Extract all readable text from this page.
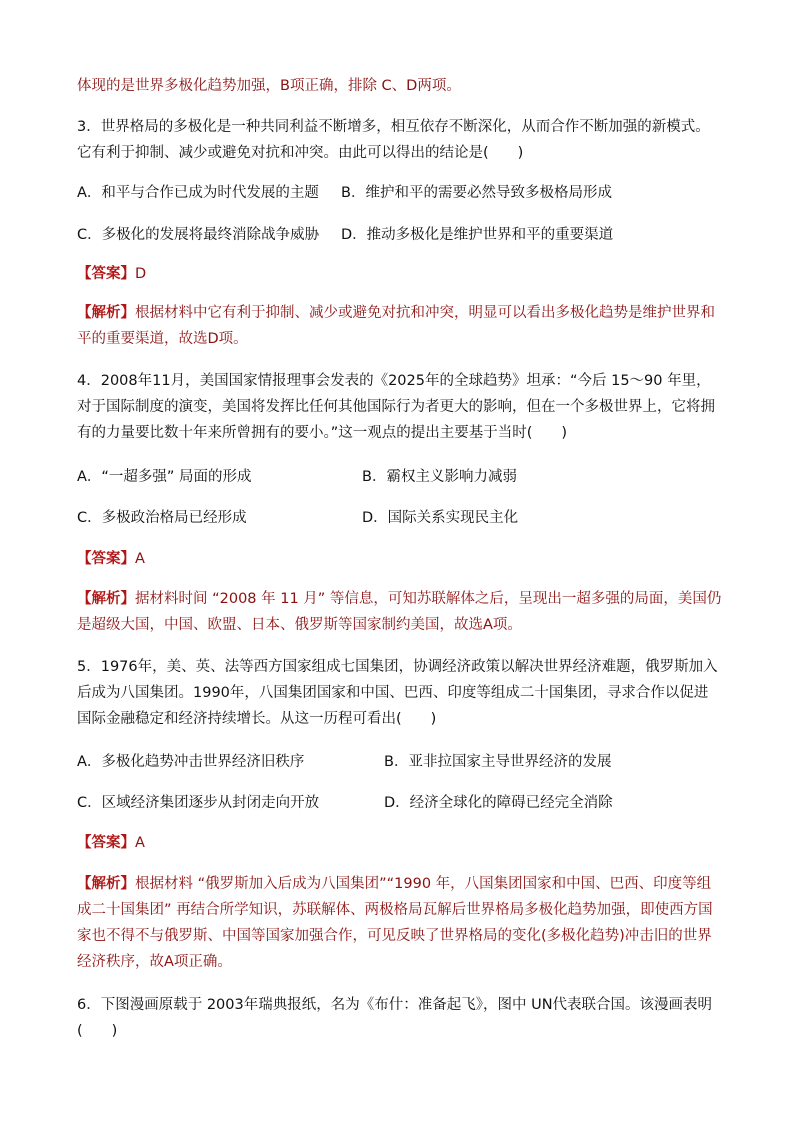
体现的是世界多极化趋势加强，B项正确，排除 C、D两项。
3．世界格局的多极化是一种共同利益不断增多，相互依存不断深化，从而合作不断加强的新模式。它有利于抑制、减少或避免对抗和冲突。由此可以得出的结论是(　　)
A．和平与合作已成为时代发展的主题 B．维护和平的需要必然导致多极格局形成
C．多极化的发展将最终消除战争威胁 D．推动多极化是维护世界和平的重要渠道
【答案】D
【解析】根据材料中它有利于抑制、减少或避免对抗和冲突，明显可以看出多极化趋势是维护世界和平的重要渠道，故选D项。
4．2008年11月，美国国家情报理事会发表的《2025年的全球趋势》坦承：“今后 15～90 年里，对于国际制度的演变，美国将发挥比任何其他国际行为者更大的影响，但在一个多极世界上，它将拥有的力量要比数十年来所曾拥有的要小。”这一观点的提出主要基于当时(　　)
A．“一超多强” 局面的形成	B．霸权主义影响力减弱
C．多极政治格局已经形成	D．国际关系实现民主化
【答案】A
【解析】据材料时间 “2008 年 11 月” 等信息，可知苏联解体之后，呈现出一超多强的局面，美国仍是超级大国，中国、欧盟、日本、俄罗斯等国家制约美国，故选A项。
5．1976年，美、英、法等西方国家组成七国集团，协调经济政策以解决世界经济难题，俄罗斯加入后成为八国集团。1990年，八国集团国家和中国、巴西、印度等组成二十国集团，寻求合作以促进国际金融稳定和经济持续增长。从这一历程可看出(　　)
A．多极化趋势冲击世界经济旧秩序	B．亚非拉国家主导世界经济的发展
C．区域经济集团逐步从封闭走向开放	D．经济全球化的障碍已经完全消除
【答案】A
【解析】根据材料 “俄罗斯加入后成为八国集团”“1990 年，八国集团国家和中国、巴西、印度等组成二十国集团” 再结合所学知识，苏联解体、两极格局瓦解后世界格局多极化趋势加强，即使西方国家也不得不与俄罗斯、中国等国家加强合作，可见反映了世界格局的变化(多极化趋势)冲击旧的世界经济秩序，故A项正确。
6．下图漫画原载于 2003年瑞典报纸，名为《布什：准备起飞》，图中 UN代表联合国。该漫画表明(　　)
